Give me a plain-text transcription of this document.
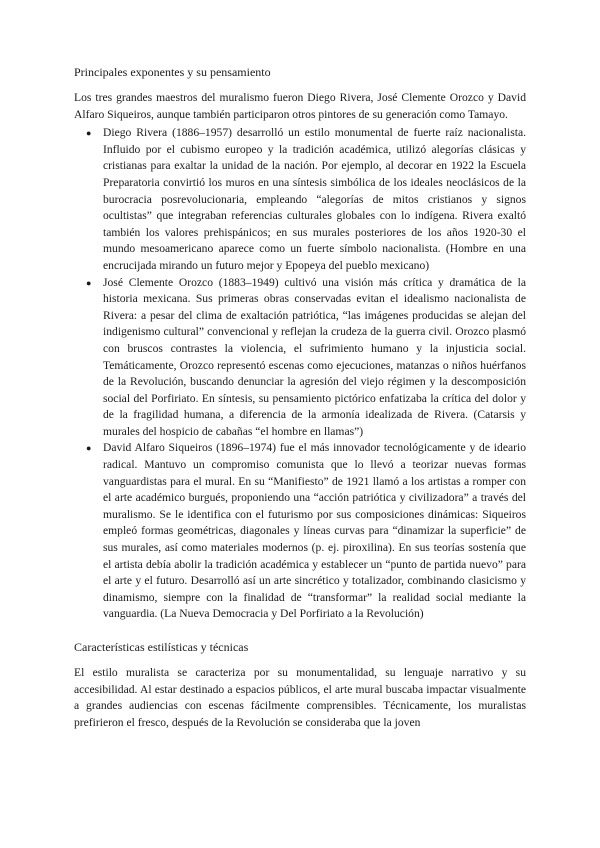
Principales exponentes y su pensamiento

Los tres grandes maestros del muralismo fueron Diego Rivera, José Clemente Orozco y David Alfaro Siqueiros, aunque también participaron otros pintores de su generación como Tamayo.

● Diego Rivera (1886–1957) desarrolló un estilo monumental de fuerte raíz nacionalista. Influido por el cubismo europeo y la tradición académica, utilizó alegorías clásicas y cristianas para exaltar la unidad de la nación. Por ejemplo, al decorar en 1922 la Escuela Preparatoria convirtió los muros en una síntesis simbólica de los ideales neoclásicos de la burocracia posrevolucionaria, empleando “alegorías de mitos cristianos y signos ocultistas” que integraban referencias culturales globales con lo indígena. Rivera exaltó también los valores prehispánicos; en sus murales posteriores de los años 1920-30 el mundo mesoamericano aparece como un fuerte símbolo nacionalista. (Hombre en una encrucijada mirando un futuro mejor y Epopeya del pueblo mexicano)
● José Clemente Orozco (1883–1949) cultivó una visión más crítica y dramática de la historia mexicana. Sus primeras obras conservadas evitan el idealismo nacionalista de Rivera: a pesar del clima de exaltación patriótica, “las imágenes producidas se alejan del indigenismo cultural” convencional y reflejan la crudeza de la guerra civil. Orozco plasmó con bruscos contrastes la violencia, el sufrimiento humano y la injusticia social. Temáticamente, Orozco representó escenas como ejecuciones, matanzas o niños huérfanos de la Revolución, buscando denunciar la agresión del viejo régimen y la descomposición social del Porfiriato. En síntesis, su pensamiento pictórico enfatizaba la crítica del dolor y de la fragilidad humana, a diferencia de la armonía idealizada de Rivera. (Catarsis y murales del hospicio de cabañas “el hombre en llamas”)
● David Alfaro Siqueiros (1896–1974) fue el más innovador tecnológicamente y de ideario radical. Mantuvo un compromiso comunista que lo llevó a teorizar nuevas formas vanguardistas para el mural. En su “Manifiesto” de 1921 llamó a los artistas a romper con el arte académico burgués, proponiendo una “acción patriótica y civilizadora” a través del muralismo. Se le identifica con el futurismo por sus composiciones dinámicas: Siqueiros empleó formas geométricas, diagonales y líneas curvas para “dinamizar la superficie” de sus murales, así como materiales modernos (p. ej. piroxilina). En sus teorías sostenía que el artista debía abolir la tradición académica y establecer un “punto de partida nuevo” para el arte y el futuro. Desarrolló así un arte sincrético y totalizador, combinando clasicismo y dinamismo, siempre con la finalidad de “transformar” la realidad social mediante la vanguardia. (La Nueva Democracia y Del Porfiriato a la Revolución)
Características estilísticas y técnicas

El estilo muralista se caracteriza por su monumentalidad, su lenguaje narrativo y su accesibilidad. Al estar destinado a espacios públicos, el arte mural buscaba impactar visualmente a grandes audiencias con escenas fácilmente comprensibles. Técnicamente, los muralistas prefirieron el fresco, después de la Revolución se consideraba que la joven
